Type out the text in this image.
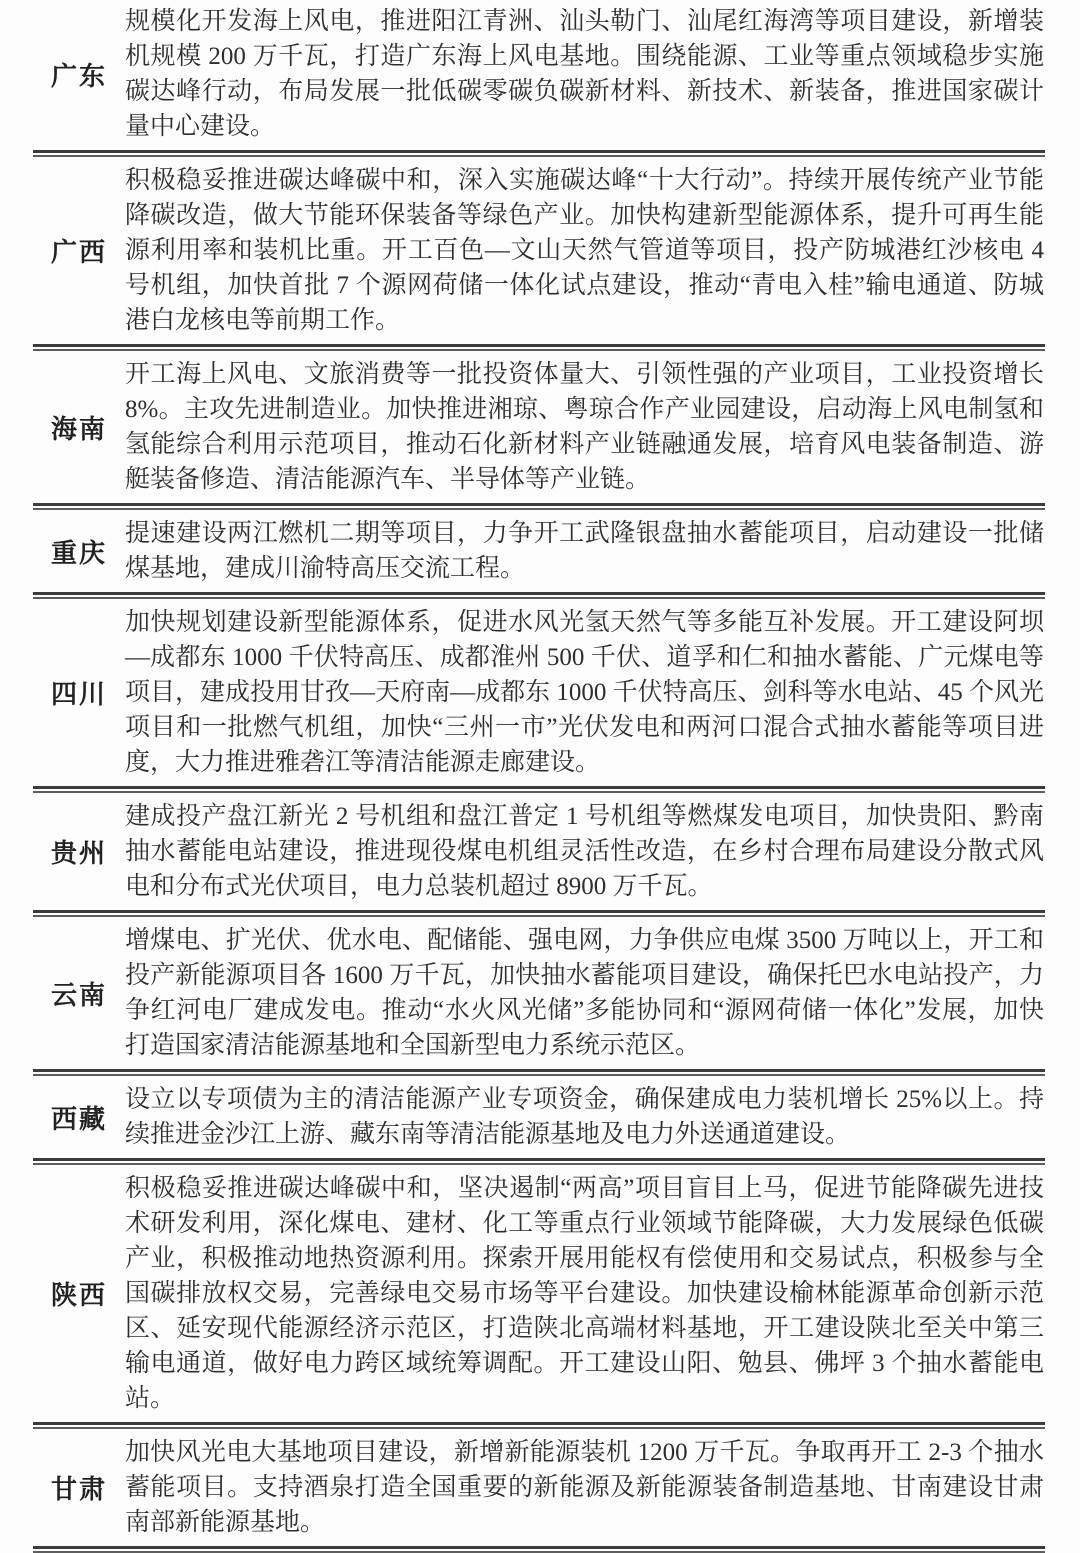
广东
规模化开发海上风电，推进阳江青洲、汕头勒门、汕尾红海湾等项目建设，新增装机规模 200 万千瓦，打造广东海上风电基地。围绕能源、工业等重点领域稳步实施碳达峰行动，布局发展一批低碳零碳负碳新材料、新技术、新装备，推进国家碳计量中心建设。
广西
积极稳妥推进碳达峰碳中和，深入实施碳达峰“十大行动”。持续开展传统产业节能降碳改造，做大节能环保装备等绿色产业。加快构建新型能源体系，提升可再生能源利用率和装机比重。开工百色—文山天然气管道等项目，投产防城港红沙核电 4 号机组，加快首批 7 个源网荷储一体化试点建设，推动“青电入桂”输电通道、防城港白龙核电等前期工作。
海南
开工海上风电、文旅消费等一批投资体量大、引领性强的产业项目，工业投资增长 8%。主攻先进制造业。加快推进湘琼、粤琼合作产业园建设，启动海上风电制氢和氢能综合利用示范项目，推动石化新材料产业链融通发展，培育风电装备制造、游艇装备修造、清洁能源汽车、半导体等产业链。
重庆
提速建设两江燃机二期等项目，力争开工武隆银盘抽水蓄能项目，启动建设一批储煤基地，建成川渝特高压交流工程。
四川
加快规划建设新型能源体系，促进水风光氢天然气等多能互补发展。开工建设阿坝—成都东 1000 千伏特高压、成都淮州 500 千伏、道孚和仁和抽水蓄能、广元煤电等项目，建成投用甘孜—天府南—成都东 1000 千伏特高压、剑科等水电站、45 个风光项目和一批燃气机组，加快“三州一市”光伏发电和两河口混合式抽水蓄能等项目进度，大力推进雅砻江等清洁能源走廊建设。
贵州
建成投产盘江新光 2 号机组和盘江普定 1 号机组等燃煤发电项目，加快贵阳、黔南抽水蓄能电站建设，推进现役煤电机组灵活性改造，在乡村合理布局建设分散式风电和分布式光伏项目，电力总装机超过 8900 万千瓦。
云南
增煤电、扩光伏、优水电、配储能、强电网，力争供应电煤 3500 万吨以上，开工和投产新能源项目各 1600 万千瓦，加快抽水蓄能项目建设，确保托巴水电站投产，力争红河电厂建成发电。推动“水火风光储”多能协同和“源网荷储一体化”发展，加快打造国家清洁能源基地和全国新型电力系统示范区。
西藏
设立以专项债为主的清洁能源产业专项资金，确保建成电力装机增长 25%以上。持续推进金沙江上游、藏东南等清洁能源基地及电力外送通道建设。
陕西
积极稳妥推进碳达峰碳中和，坚决遏制“两高”项目盲目上马，促进节能降碳先进技术研发利用，深化煤电、建材、化工等重点行业领域节能降碳，大力发展绿色低碳产业，积极推动地热资源利用。探索开展用能权有偿使用和交易试点，积极参与全国碳排放权交易，完善绿电交易市场等平台建设。加快建设榆林能源革命创新示范区、延安现代能源经济示范区，打造陕北高端材料基地，开工建设陕北至关中第三输电通道，做好电力跨区域统筹调配。开工建设山阳、勉县、佛坪 3 个抽水蓄能电站。
甘肃
加快风光电大基地项目建设，新增新能源装机 1200 万千瓦。争取再开工 2-3 个抽水蓄能项目。支持酒泉打造全国重要的新能源及新能源装备制造基地、甘南建设甘肃南部新能源基地。
